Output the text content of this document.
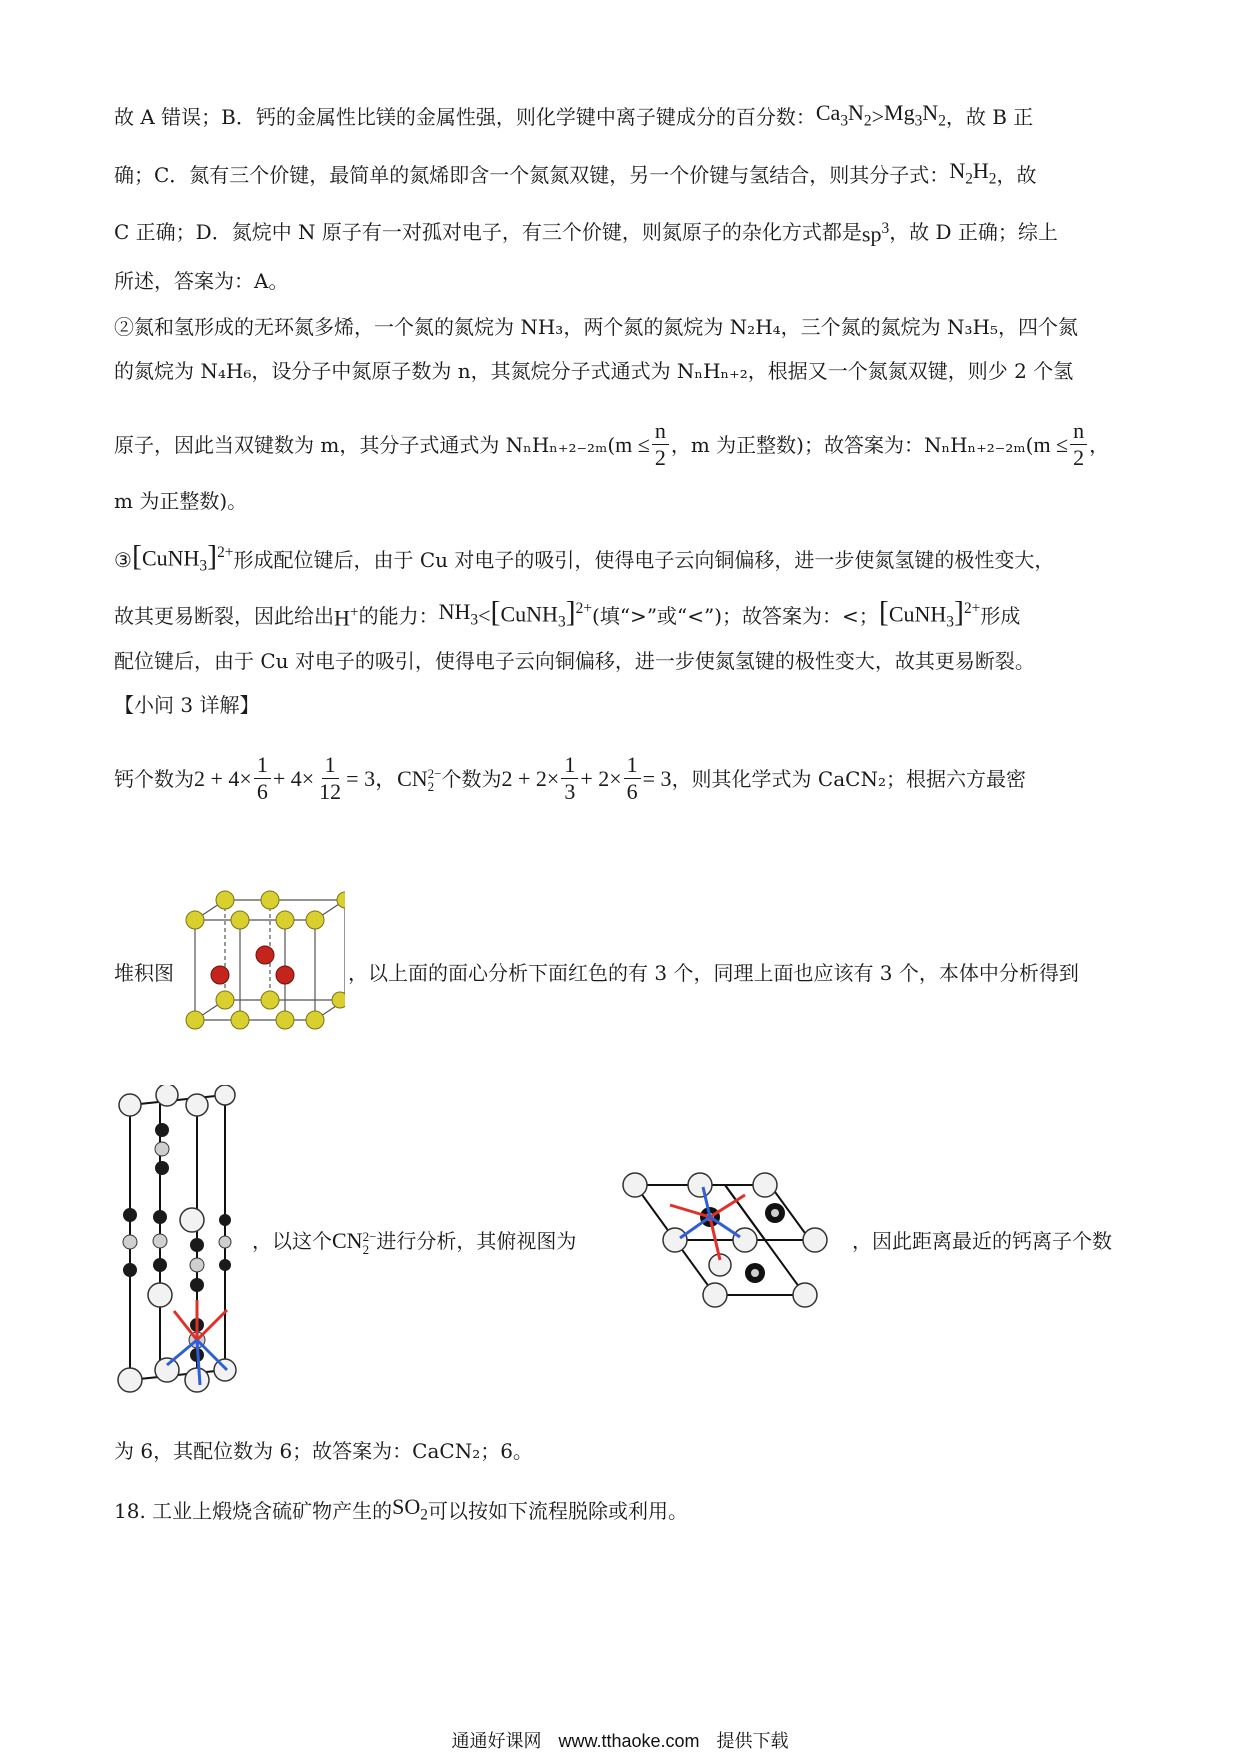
故 A 错误；B．钙的金属性比镁的金属性强，则化学键中离子键成分的百分数： $Ca_3N_2 > Mg_3N_2$ ，故 B 正
确；C．氮有三个价键，最简单的氮烯即含一个氮氮双键，另一个价键与氢结合，则其分子式： $N_2H_2$ ，故
C 正确；D．氮烷中 N 原子有一对孤对电子，有三个价键，则氮原子的杂化方式都是 $sp^3$ ，故 D 正确；综上
所述，答案为：A。
②氮和氢形成的无环氮多烯，一个氮的氮烷为 NH₃，两个氮的氮烷为 N₂H₄，三个氮的氮烷为 N₃H₅，四个氮
的氮烷为 N₄H₆，设分子中氮原子数为 n，其氮烷分子式通式为 NₙHₙ₊₂，根据又一个氮氮双键，则少 2 个氢
原子，因此当双键数为 m，其分子式通式为 NₙHₙ₊₂₋₂ₘ( $m \le \frac{n}{2}$ ，m 为正整数)；故答案为：NₙHₙ₊₂₋₂ₘ( $m \le \frac{n}{2}$ ，
m 为正整数)。
③ [CuNH$_3$]$^{2+}$ 形成配位键后，由于 Cu 对电子的吸引，使得电子云向铜偏移，进一步使氮氢键的极性变大，
故其更易断裂，因此给出 H+ 的能力： $NH_3$ < [CuNH$_3$]$^{2+}$ (填“>”或“<”)；故答案为：<； [CuNH$_3$]$^{2+}$ 形成
配位键后，由于 Cu 对电子的吸引，使得电子云向铜偏移，进一步使氮氢键的极性变大，故其更易断裂。
【小问 3 详解】
钙个数为 $2 + 4\times \frac{1}{6} + 4\times \frac{1}{12} = 3$， CN 2−
2 个数为 $2 + 2\times \frac{1}{3} + 2\times \frac{1}{6} = 3$ ，则其化学式为 CaCN₂；根据六方最密
堆积图	，以上面的面心分析下面红色的有 3 个，同理上面也应该有 3 个，本体中分析得到
，以这个 CN 2−
2 进行分析，其俯视图为	，因此距离最近的钙离子个数
为 6，其配位数为 6；故答案为：CaCN₂；6。
18. 工业上煅烧含硫矿物产生的 $SO_2$ 可以按如下流程脱除或利用。
通通好课网 www.tthaoke.com 提供下载
